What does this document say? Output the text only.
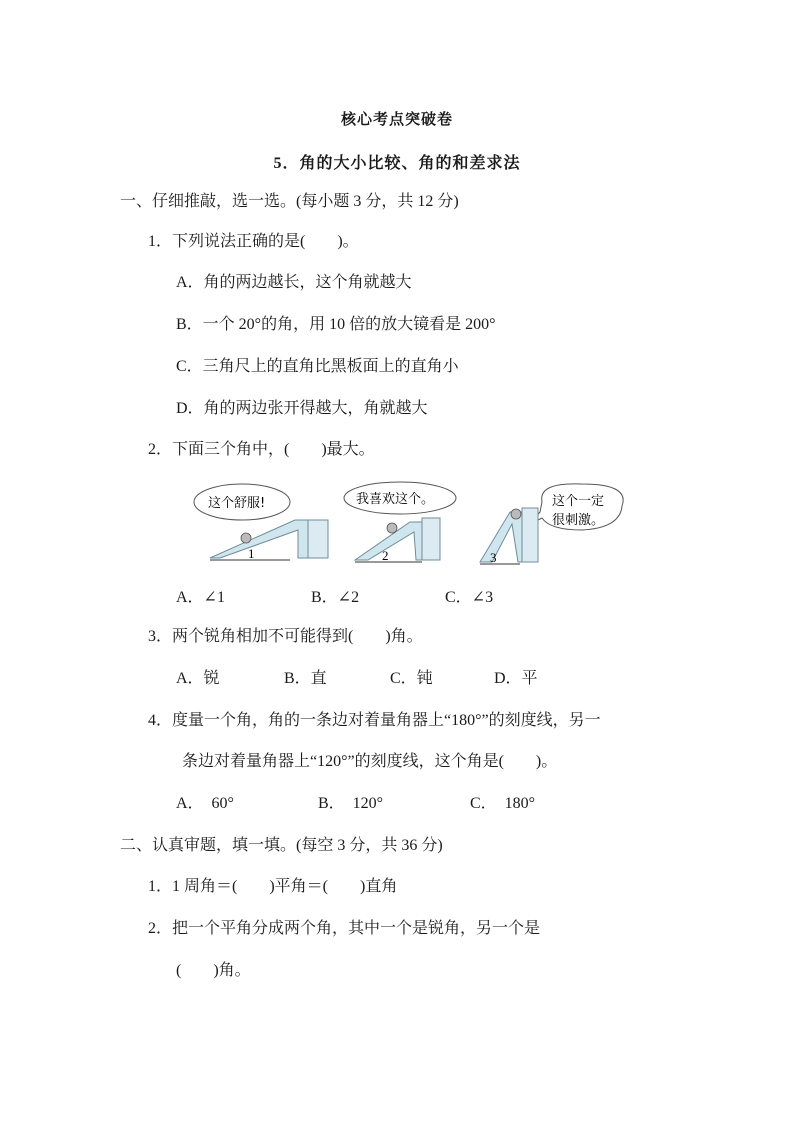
核心考点突破卷
5．角的大小比较、角的和差求法
一、仔细推敲，选一选。(每小题 3 分，共 12 分)
1．下列说法正确的是(　　)。
A．角的两边越长，这个角就越大
B．一个 20°的角，用 10 倍的放大镜看是 200°
C．三角尺上的直角比黑板面上的直角小
D．角的两边张开得越大，角就越大
2．下面三个角中，(　　)最大。
这个舒服!
1
我喜欢这个。
2
这个一定
很刺激。
3
A．∠1	B．∠2	C．∠3
3．两个锐角相加不可能得到(　　)角。
A．锐	B．直	C．钝	D．平
4．度量一个角，角的一条边对着量角器上“180°”的刻度线，另一
条边对着量角器上“120°”的刻度线，这个角是(　　)。
A．　60°	B．　120°	C．　180°
二、认真审题，填一填。(每空 3 分，共 36 分)
1．1 周角＝(　　)平角＝(　　)直角
2．把一个平角分成两个角，其中一个是锐角，另一个是
(　　)角。
